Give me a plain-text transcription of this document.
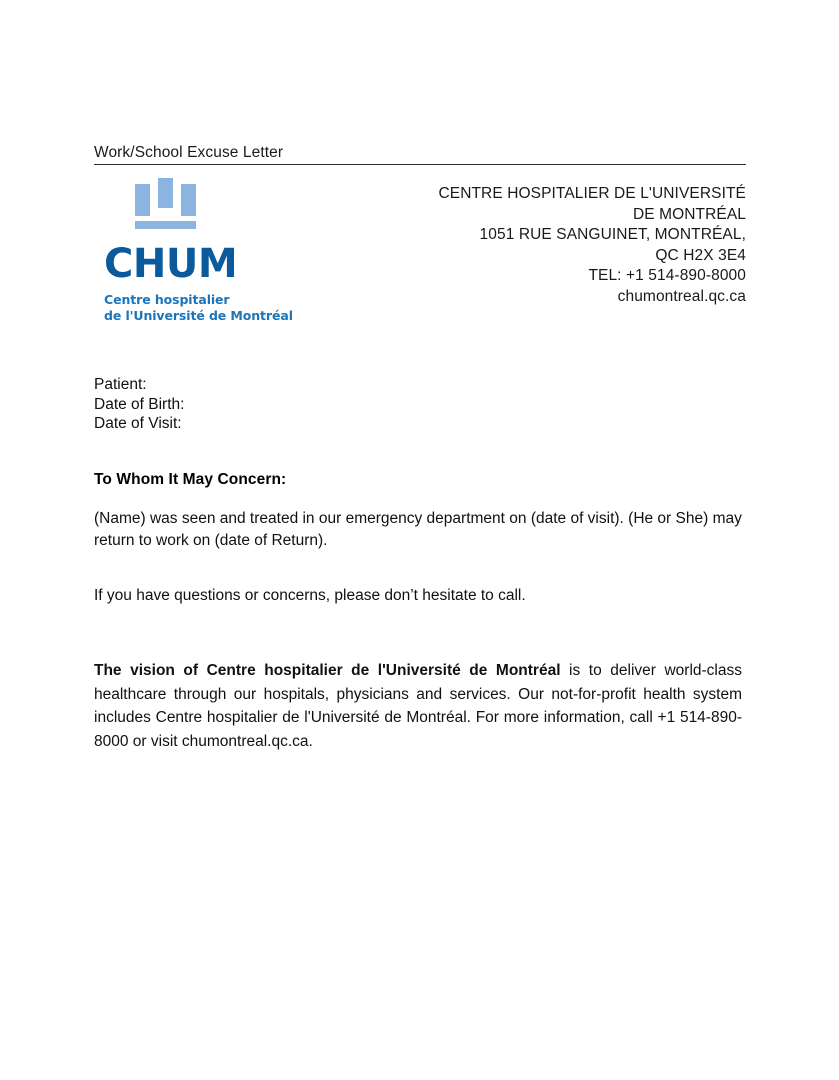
Work/School Excuse Letter
CHUM
Centre hospitalier
de l'Université de Montréal
CENTRE HOSPITALIER DE L'UNIVERSITÉ
DE MONTRÉAL
1051 RUE SANGUINET, MONTRÉAL,
QC H2X 3E4
TEL: +1 514-890-8000
chumontreal.qc.ca
Patient:
Date of Birth:
Date of Visit:
To Whom It May Concern:
(Name) was seen and treated in our emergency department on (date of visit). (He or She) may return to work on (date of Return).
If you have questions or concerns, please don’t hesitate to call.
The vision of Centre hospitalier de l'Université de Montréal is to deliver world-class healthcare through our hospitals, physicians and services. Our not-for-profit health system includes Centre hospitalier de l'Université de Montréal. For more information, call +1 514-890-8000 or visit chumontreal.qc.ca.
